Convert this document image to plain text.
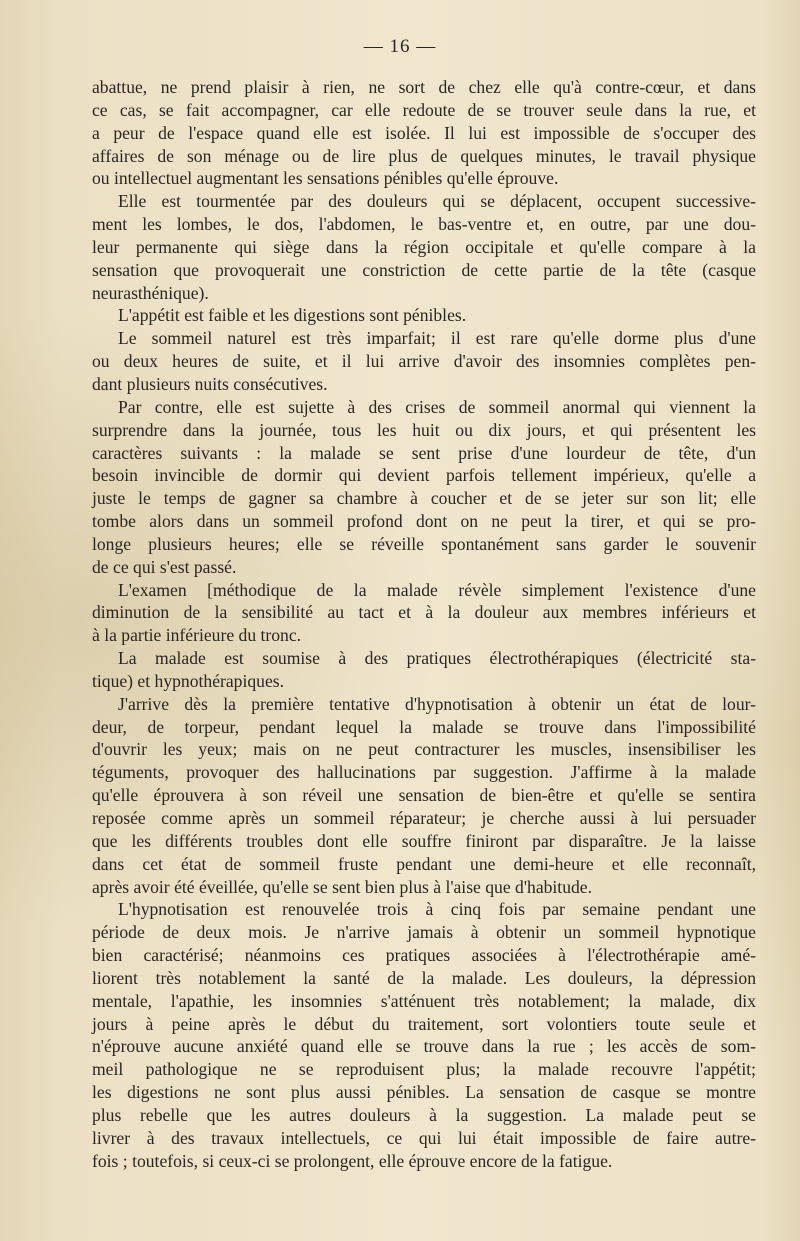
— 16 —
abattue, ne prend plaisir à rien, ne sort de chez elle qu'à contre-cœur, et dans
ce cas, se fait accompagner, car elle redoute de se trouver seule dans la rue, et
a peur de l'espace quand elle est isolée. Il lui est impossible de s'occuper des
affaires de son ménage ou de lire plus de quelques minutes, le travail physique
ou intellectuel augmentant les sensations pénibles qu'elle éprouve.
Elle est tourmentée par des douleurs qui se déplacent, occupent successive-
ment les lombes, le dos, l'abdomen, le bas-ventre et, en outre, par une dou-
leur permanente qui siège dans la région occipitale et qu'elle compare à la
sensation que provoquerait une constriction de cette partie de la tête (casque
neurasthénique).
L'appétit est faible et les digestions sont pénibles.
Le sommeil naturel est très imparfait; il est rare qu'elle dorme plus d'une
ou deux heures de suite, et il lui arrive d'avoir des insomnies complètes pen-
dant plusieurs nuits consécutives.
Par contre, elle est sujette à des crises de sommeil anormal qui viennent la
surprendre dans la journée, tous les huit ou dix jours, et qui présentent les
caractères suivants : la malade se sent prise d'une lourdeur de tête, d'un
besoin invincible de dormir qui devient parfois tellement impérieux, qu'elle a
juste le temps de gagner sa chambre à coucher et de se jeter sur son lit; elle
tombe alors dans un sommeil profond dont on ne peut la tirer, et qui se pro-
longe plusieurs heures; elle se réveille spontanément sans garder le souvenir
de ce qui s'est passé.
L'examen [méthodique de la malade révèle simplement l'existence d'une
diminution de la sensibilité au tact et à la douleur aux membres inférieurs et
à la partie inférieure du tronc.
La malade est soumise à des pratiques électrothérapiques (électricité sta-
tique) et hypnothérapiques.
J'arrive dès la première tentative d'hypnotisation à obtenir un état de lour-
deur, de torpeur, pendant lequel la malade se trouve dans l'impossibilité
d'ouvrir les yeux; mais on ne peut contracturer les muscles, insensibiliser les
téguments, provoquer des hallucinations par suggestion. J'affirme à la malade
qu'elle éprouvera à son réveil une sensation de bien-être et qu'elle se sentira
reposée comme après un sommeil réparateur; je cherche aussi à lui persuader
que les différents troubles dont elle souffre finiront par disparaître. Je la laisse
dans cet état de sommeil fruste pendant une demi-heure et elle reconnaît,
après avoir été éveillée, qu'elle se sent bien plus à l'aise que d'habitude.
L'hypnotisation est renouvelée trois à cinq fois par semaine pendant une
période de deux mois. Je n'arrive jamais à obtenir un sommeil hypnotique
bien caractérisé; néanmoins ces pratiques associées à l'électrothérapie amé-
liorent très notablement la santé de la malade. Les douleurs, la dépression
mentale, l'apathie, les insomnies s'atténuent très notablement; la malade, dix
jours à peine après le début du traitement, sort volontiers toute seule et
n'éprouve aucune anxiété quand elle se trouve dans la rue ; les accès de som-
meil pathologique ne se reproduisent plus; la malade recouvre l'appétit;
les digestions ne sont plus aussi pénibles. La sensation de casque se montre
plus rebelle que les autres douleurs à la suggestion. La malade peut se
livrer à des travaux intellectuels, ce qui lui était impossible de faire autre-
fois ; toutefois, si ceux-ci se prolongent, elle éprouve encore de la fatigue.
